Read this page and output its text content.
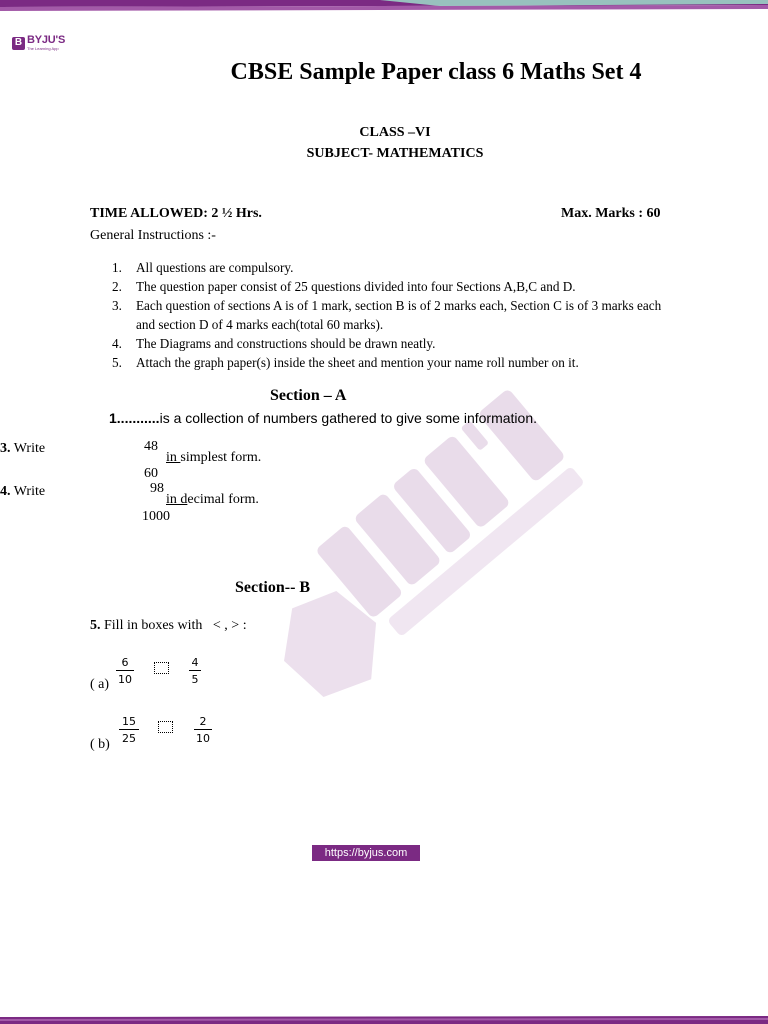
B BYJU'S
The Learning App
CBSE Sample Paper class 6 Maths Set 4
CLASS –VI
SUBJECT- MATHEMATICS
TIME ALLOWED: 2 ½ Hrs.	Max. Marks : 60
General Instructions :-
1.	All questions are compulsory.
2.	The question paper consist of 25 questions divided into four Sections A,B,C and D.
3.	Each question of sections A is of 1 mark, section B is of 2 marks each, Section C is of 3 marks each and section D of 4 marks each(total 60 marks).
4.	The Diagrams and constructions should be drawn neatly.
5.	Attach the graph paper(s) inside the sheet and mention your name roll number on it.
Section – A
1...........is a collection of numbers gathered to give some information.
3. Write	48
60
in simplest form.
4. Write	98
1000
in decimal form.
Section-- B
5. Fill in boxes with < , > :
( a)
6
10
4
5
( b)
15
25
2
10
https://byjus.com
